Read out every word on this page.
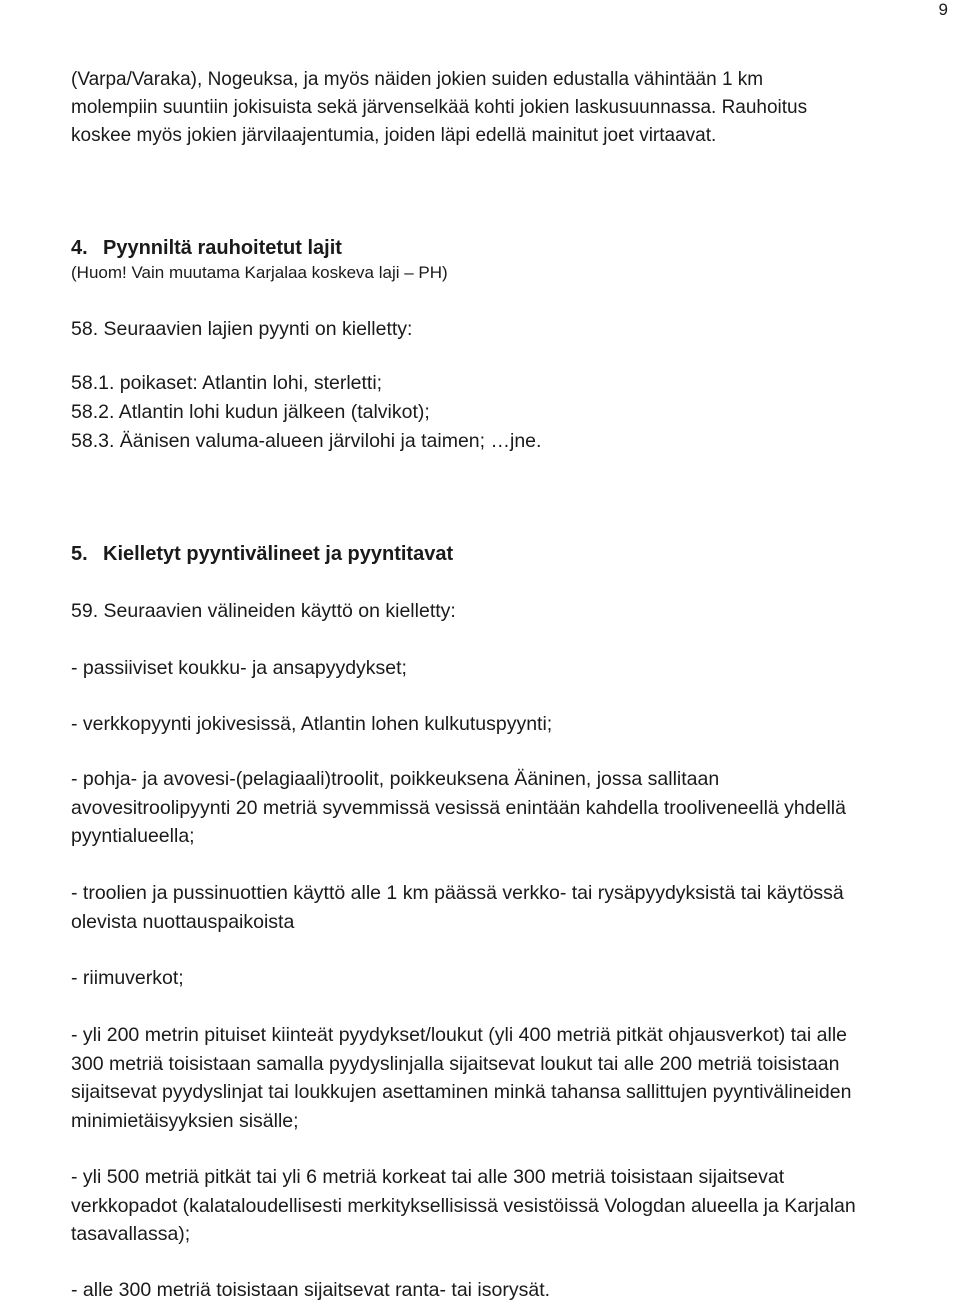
9

(Varpa/Varaka), Nogeuksa, ja myös näiden jokien suiden edustalla vähintään 1 km
molempiin suuntiin jokisuista sekä järvenselkää kohti jokien laskusuunnassa. Rauhoitus
koskee myös jokien järvilaajentumia, joiden läpi edellä mainitut joet virtaavat.

4. Pyynniltä rauhoitetut lajit

(Huom! Vain muutama Karjalaa koskeva laji – PH)

58. Seuraavien lajien pyynti on kielletty:

58.1. poikaset: Atlantin lohi, sterletti;

58.2. Atlantin lohi kudun jälkeen (talvikot);

58.3. Äänisen valuma-alueen järvilohi ja taimen; …jne.

5. Kielletyt pyyntivälineet ja pyyntitavat

59. Seuraavien välineiden käyttö on kielletty:

- passiiviset koukku- ja ansapyydykset;

- verkkopyynti jokivesissä, Atlantin lohen kulkutuspyynti;

- pohja- ja avovesi-(pelagiaali)troolit, poikkeuksena Ääninen, jossa sallitaan
avovesitroolipyynti 20 metriä syvemmissä vesissä enintään kahdella trooliveneellä yhdellä
pyyntialueella;

- troolien ja pussinuottien käyttö alle 1 km päässä verkko- tai rysäpyydyksistä tai käytössä
olevista nuottauspaikoista

- riimuverkot;

- yli 200 metrin pituiset kiinteät pyydykset/loukut (yli 400 metriä pitkät ohjausverkot) tai alle
300 metriä toisistaan samalla pyydyslinjalla sijaitsevat loukut tai alle 200 metriä toisistaan
sijaitsevat pyydyslinjat tai loukkujen asettaminen minkä tahansa sallittujen pyyntivälineiden
minimietäisyyksien sisälle;

- yli 500 metriä pitkät tai yli 6 metriä korkeat tai alle 300 metriä toisistaan sijaitsevat
verkkopadot (kalataloudellisesti merkityksellisissä vesistöissä Vologdan alueella ja Karjalan
tasavallassa);

- alle 300 metriä toisistaan sijaitsevat ranta- tai isorysät.
